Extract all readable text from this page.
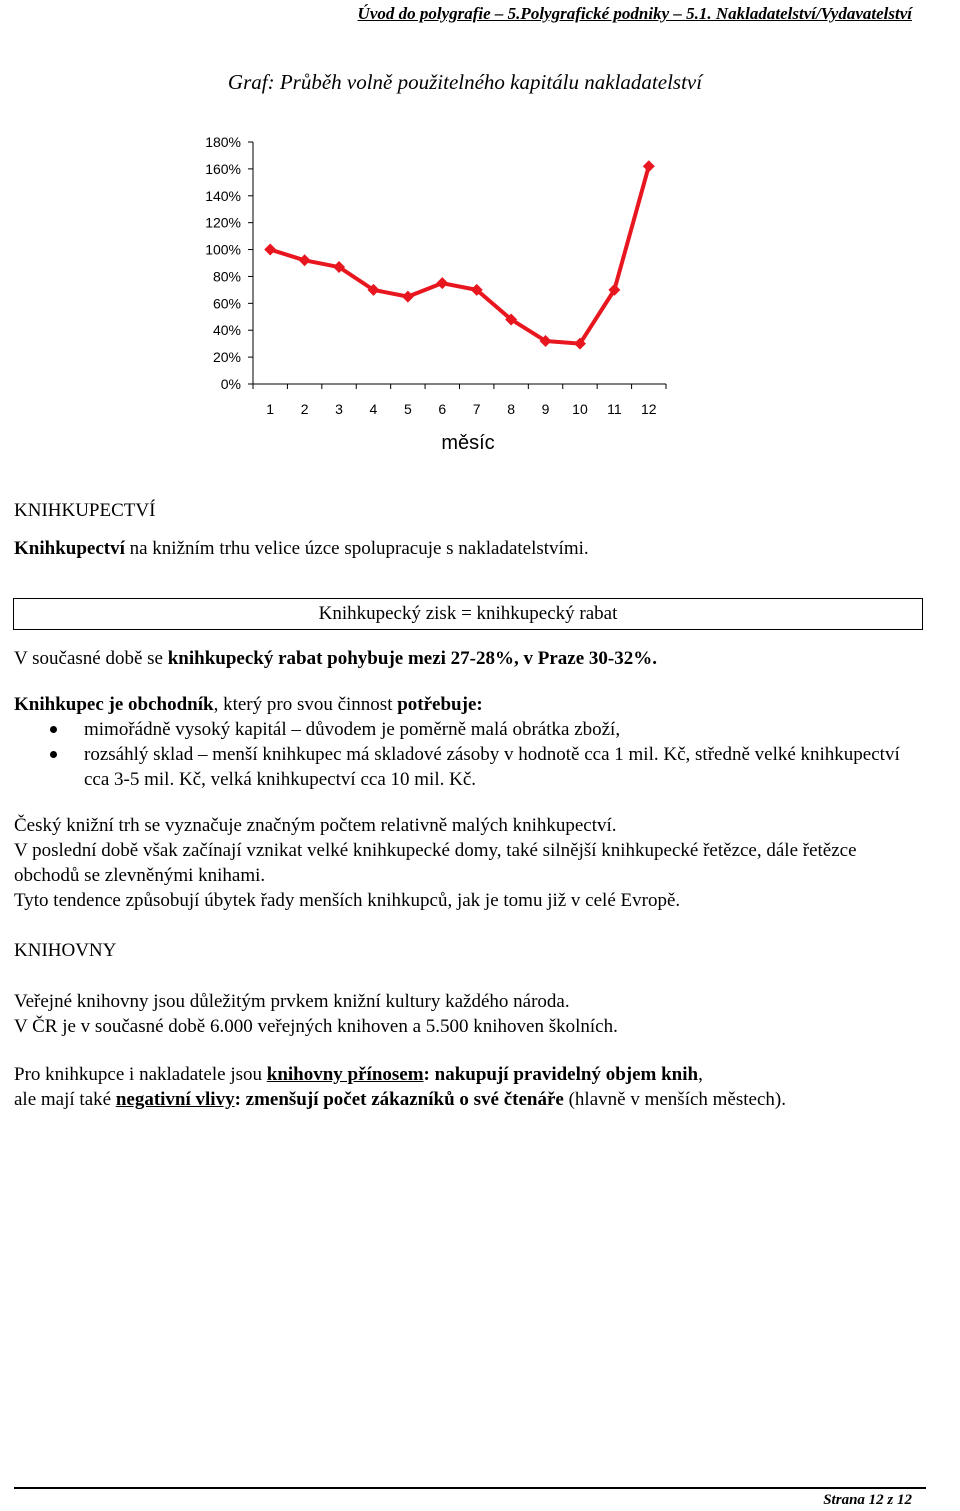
Úvod do polygrafie – 5.Polygrafické podniky – 5.1. Nakladatelství/Vydavatelství
Graf: Průběh volně použitelného kapitálu nakladatelství
0%
20%
40%
60%
80%
100%
120%
140%
160%
180%
1 2 3 4 5 6 7 8 9 10 11 12
měsíc

KNIHKUPECTVÍ

Knihkupectví na knižním trhu velice úzce spolupracuje s nakladatelstvími.

Knihkupecký zisk = knihkupecký rabat

V současné době se knihkupecký rabat pohybuje mezi 27-28%, v Praze 30-32%.

Knihkupec je obchodník, který pro svou činnost potřebuje:

mimořádně vysoký kapitál – důvodem je poměrně malá obrátka zboží,
rozsáhlý sklad – menší knihkupec má skladové zásoby v hodnotě cca 1 mil. Kč, středně velké knihkupectví cca 3-5 mil. Kč, velká knihkupectví cca 10 mil. Kč.

Český knižní trh se vyznačuje značným počtem relativně malých knihkupectví.

V poslední době však začínají vznikat velké knihkupecké domy, také silnější knihkupecké řetězce, dále řetězce obchodů se zlevněnými knihami.

Tyto tendence způsobují úbytek řady menších knihkupců, jak je tomu již v celé Evropě.

KNIHOVNY

Veřejné knihovny jsou důležitým prvkem knižní kultury každého národa.

V ČR je v současné době 6.000 veřejných knihoven a 5.500 knihoven školních.

Pro knihkupce i nakladatele jsou knihovny přínosem: nakupují pravidelný objem knih,
ale mají také negativní vlivy: zmenšují počet zákazníků o své čtenáře (hlavně v menších městech).

Strana 12 z 12
